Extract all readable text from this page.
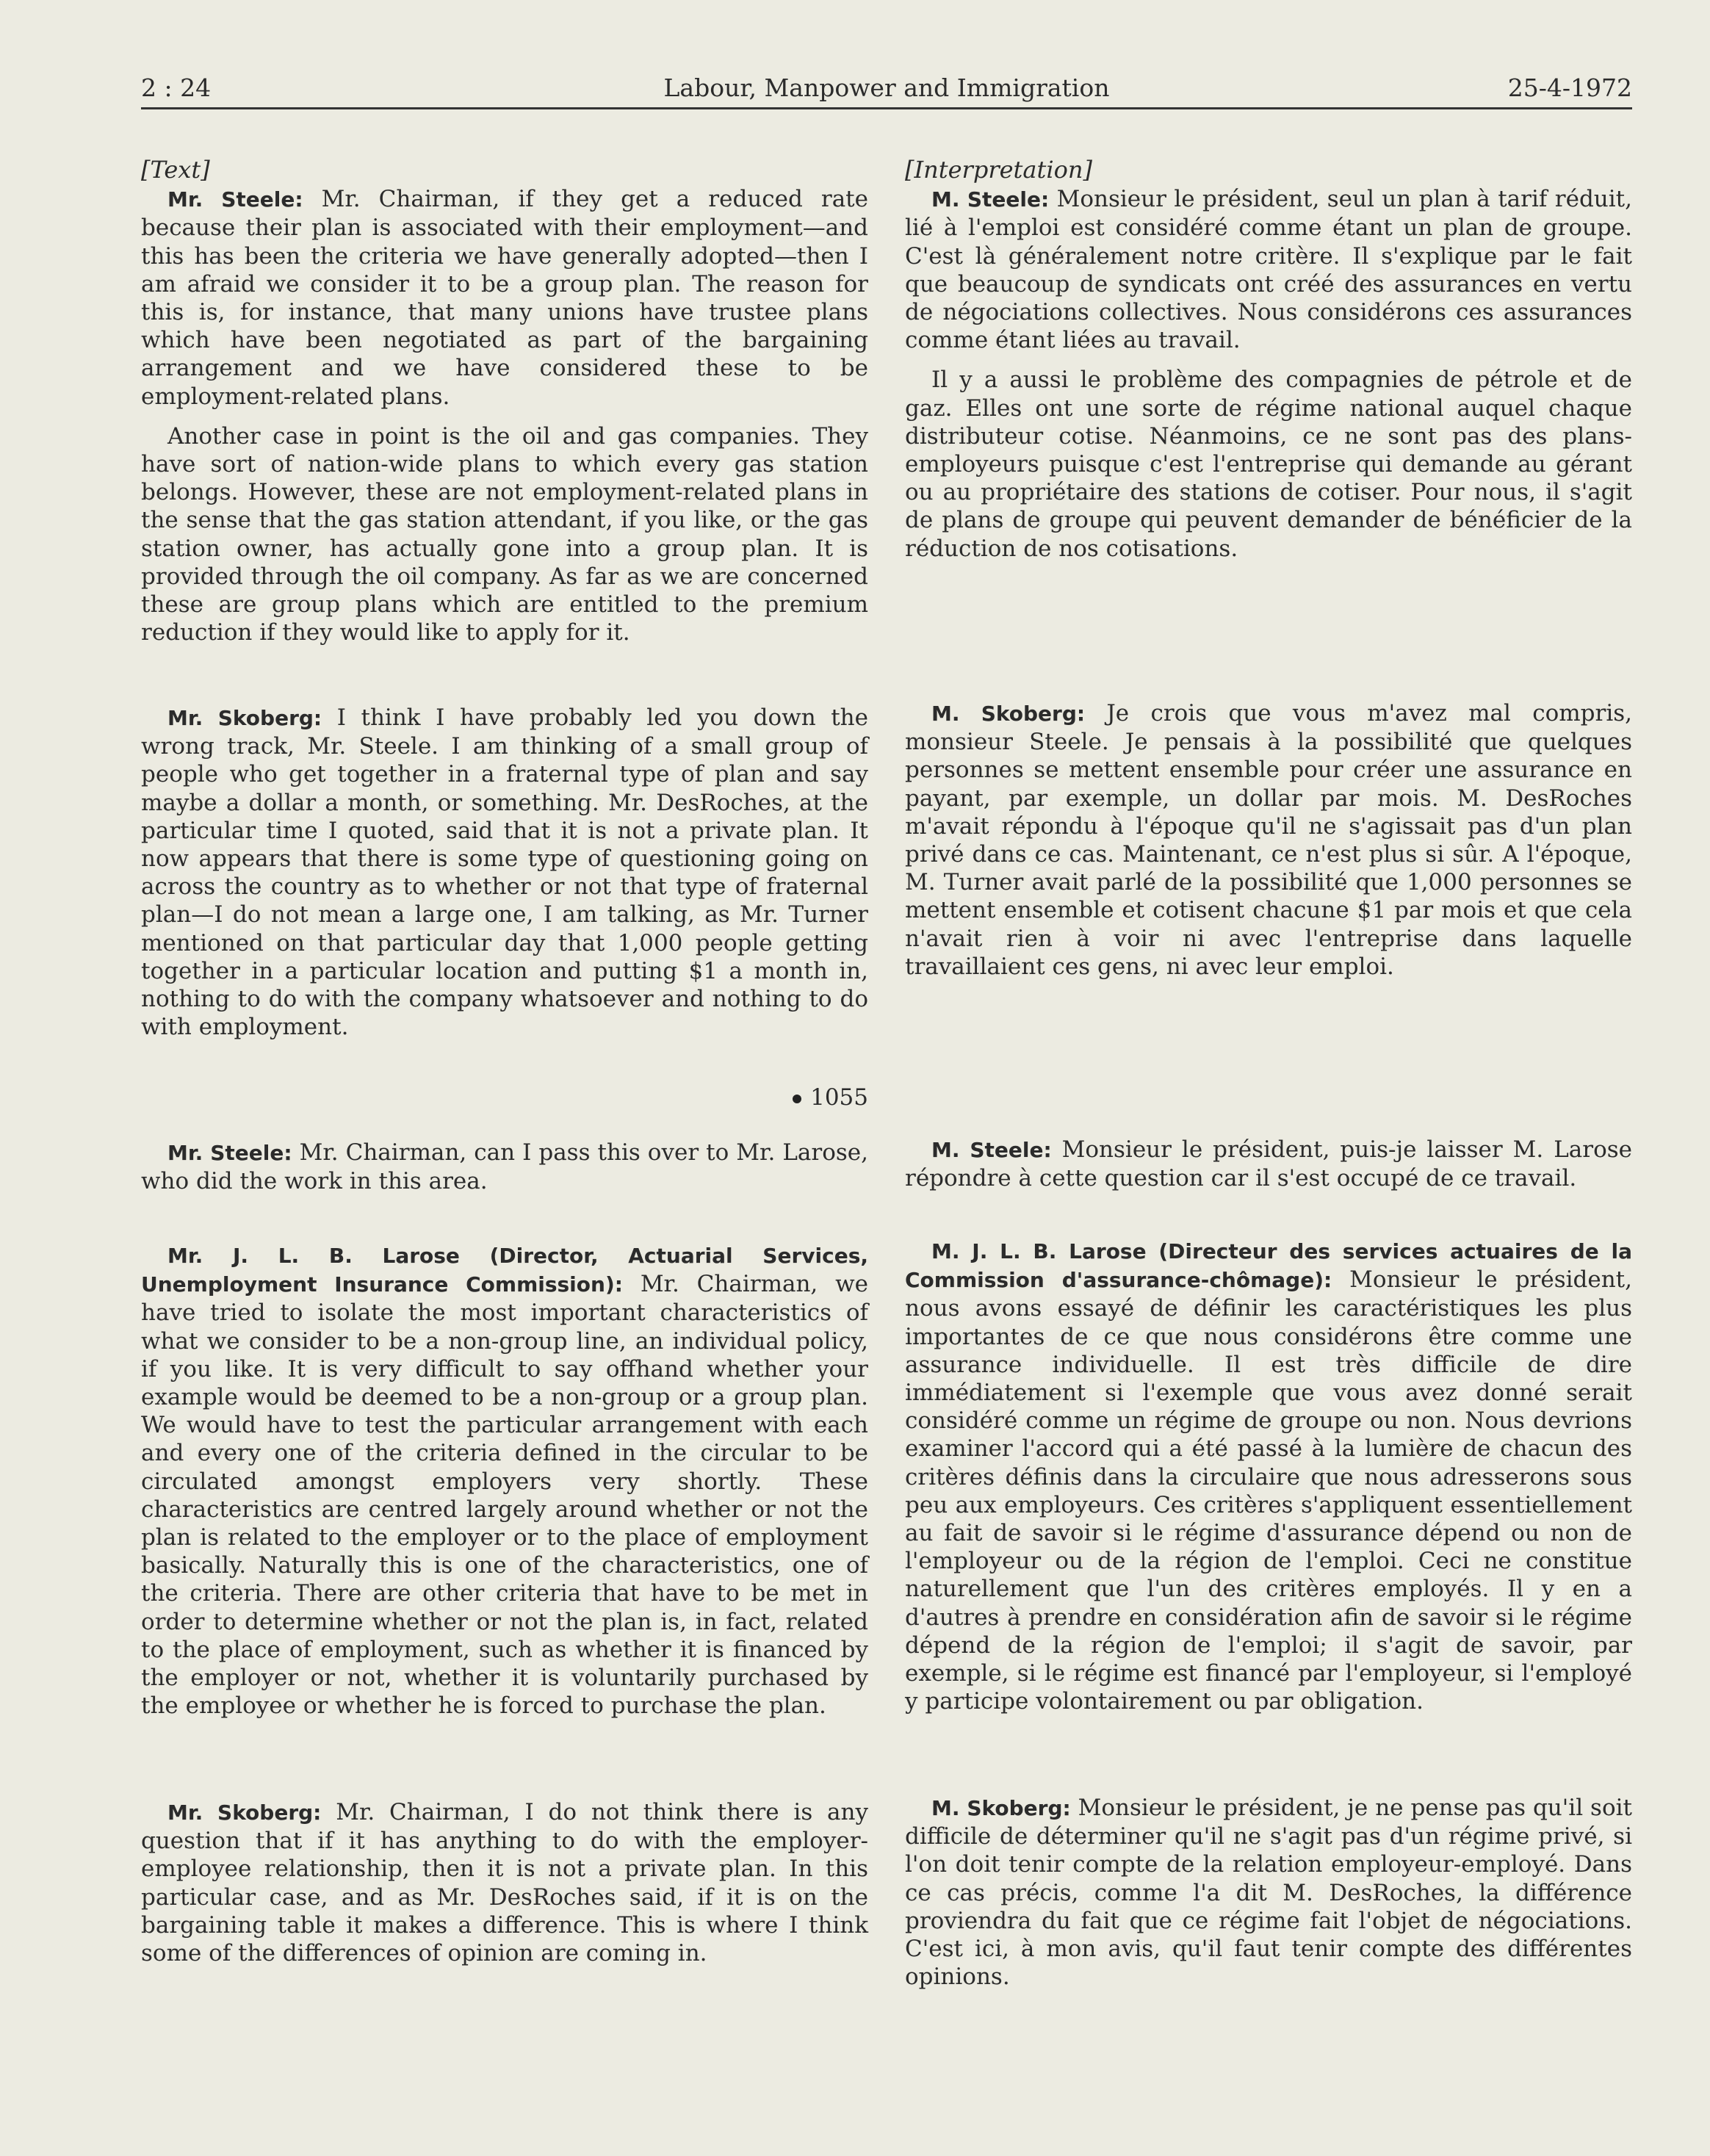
2 : 24	Labour, Manpower and Immigration	25-4-1972

[Text]

Mr. Steele: Mr. Chairman, if they get a reduced rate because their plan is associated with their employment—and this has been the criteria we have generally adopted—then I am afraid we consider it to be a group plan. The reason for this is, for instance, that many unions have trustee plans which have been negotiated as part of the bargaining arrangement and we have considered these to be employment-related plans.

Another case in point is the oil and gas companies. They have sort of nation-wide plans to which every gas station belongs. However, these are not employment-related plans in the sense that the gas station attendant, if you like, or the gas station owner, has actually gone into a group plan. It is provided through the oil company. As far as we are concerned these are group plans which are entitled to the premium reduction if they would like to apply for it.

Mr. Skoberg: I think I have probably led you down the wrong track, Mr. Steele. I am thinking of a small group of people who get together in a fraternal type of plan and say maybe a dollar a month, or something. Mr. DesRoches, at the particular time I quoted, said that it is not a private plan. It now appears that there is some type of questioning going on across the country as to whether or not that type of fraternal plan—I do not mean a large one, I am talking, as Mr. Turner mentioned on that particular day that 1,000 people getting together in a particular location and putting $1 a month in, nothing to do with the company whatsoever and nothing to do with employment.

1055

Mr. Steele: Mr. Chairman, can I pass this over to Mr. Larose, who did the work in this area.

Mr. J. L. B. Larose (Director, Actuarial Services, Unemployment Insurance Commission): Mr. Chairman, we have tried to isolate the most important characteristics of what we consider to be a non-group line, an individual policy, if you like. It is very difficult to say offhand whether your example would be deemed to be a non-group or a group plan. We would have to test the particular arrangement with each and every one of the criteria defined in the circular to be circulated amongst employers very shortly. These characteristics are centred largely around whether or not the plan is related to the employer or to the place of employment basically. Naturally this is one of the characteristics, one of the criteria. There are other criteria that have to be met in order to determine whether or not the plan is, in fact, related to the place of employment, such as whether it is financed by the employer or not, whether it is voluntarily purchased by the employee or whether he is forced to purchase the plan.

Mr. Skoberg: Mr. Chairman, I do not think there is any question that if it has anything to do with the employer-employee relationship, then it is not a private plan. In this particular case, and as Mr. DesRoches said, if it is on the bargaining table it makes a difference. This is where I think some of the differences of opinion are coming in.

[Interpretation]

M. Steele: Monsieur le président, seul un plan à tarif réduit, lié à l'emploi est considéré comme étant un plan de groupe. C'est là généralement notre critère. Il s'explique par le fait que beaucoup de syndicats ont créé des assurances en vertu de négociations collectives. Nous considérons ces assurances comme étant liées au travail.

Il y a aussi le problème des compagnies de pétrole et de gaz. Elles ont une sorte de régime national auquel chaque distributeur cotise. Néanmoins, ce ne sont pas des plans-employeurs puisque c'est l'entreprise qui demande au gérant ou au propriétaire des stations de cotiser. Pour nous, il s'agit de plans de groupe qui peuvent demander de bénéficier de la réduction de nos cotisations.

M. Skoberg: Je crois que vous m'avez mal compris, monsieur Steele. Je pensais à la possibilité que quelques personnes se mettent ensemble pour créer une assurance en payant, par exemple, un dollar par mois. M. DesRoches m'avait répondu à l'époque qu'il ne s'agissait pas d'un plan privé dans ce cas. Maintenant, ce n'est plus si sûr. A l'époque, M. Turner avait parlé de la possibilité que 1,000 personnes se mettent ensemble et cotisent chacune $1 par mois et que cela n'avait rien à voir ni avec l'entreprise dans laquelle travaillaient ces gens, ni avec leur emploi.

M. Steele: Monsieur le président, puis-je laisser M. Larose répondre à cette question car il s'est occupé de ce travail.

M. J. L. B. Larose (Directeur des services actuaires de la Commission d'assurance-chômage): Monsieur le président, nous avons essayé de définir les caractéristiques les plus importantes de ce que nous considérons être comme une assurance individuelle. Il est très difficile de dire immédiatement si l'exemple que vous avez donné serait considéré comme un régime de groupe ou non. Nous devrions examiner l'accord qui a été passé à la lumière de chacun des critères définis dans la circulaire que nous adresserons sous peu aux employeurs. Ces critères s'appliquent essentiellement au fait de savoir si le régime d'assurance dépend ou non de l'employeur ou de la région de l'emploi. Ceci ne constitue naturellement que l'un des critères employés. Il y en a d'autres à prendre en considération afin de savoir si le régime dépend de la région de l'emploi; il s'agit de savoir, par exemple, si le régime est financé par l'employeur, si l'employé y participe volontairement ou par obligation.

M. Skoberg: Monsieur le président, je ne pense pas qu'il soit difficile de déterminer qu'il ne s'agit pas d'un régime privé, si l'on doit tenir compte de la relation employeur-employé. Dans ce cas précis, comme l'a dit M. DesRoches, la différence proviendra du fait que ce régime fait l'objet de négociations. C'est ici, à mon avis, qu'il faut tenir compte des différentes opinions.
